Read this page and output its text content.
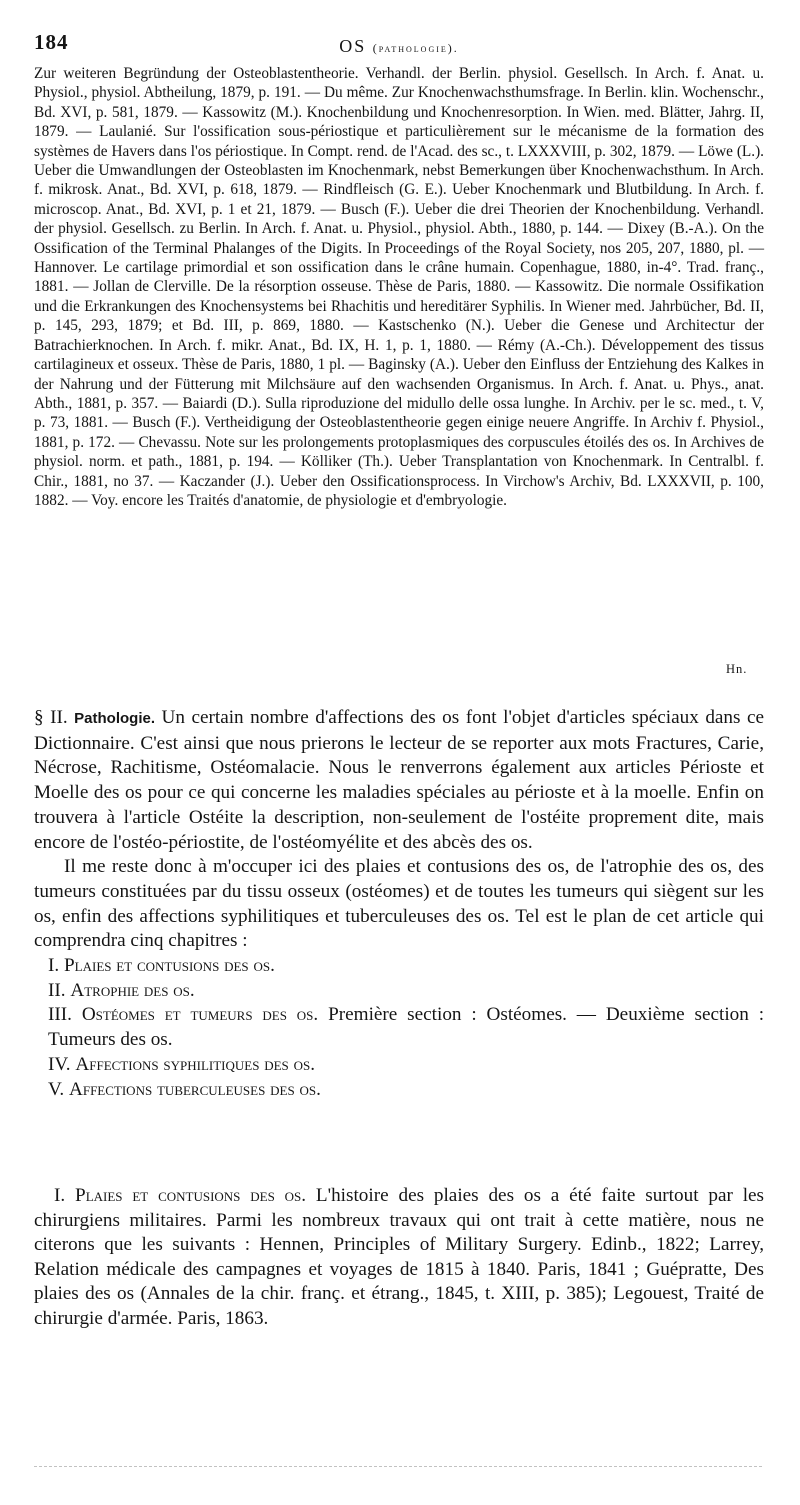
184	OS (pathologie).

Zur weiteren Begründung der Osteoblastentheorie. Verhandl. der Berlin. physiol. Gesellsch. In Arch. f. Anat. u. Physiol., physiol. Abtheilung, 1879, p. 191. — Du même. Zur Knochenwachsthumsfrage. In Berlin. klin. Wochenschr., Bd. XVI, p. 581, 1879. — Kassowitz (M.). Knochenbildung und Knochenresorption. In Wien. med. Blätter, Jahrg. II, 1879. — Laulanié. Sur l'ossification sous-périostique et particulièrement sur le mécanisme de la formation des systèmes de Havers dans l'os périostique. In Compt. rend. de l'Acad. des sc., t. LXXXVIII, p. 302, 1879. — Löwe (L.). Ueber die Umwandlungen der Osteoblasten im Knochenmark, nebst Bemerkungen über Knochenwachsthum. In Arch. f. mikrosk. Anat., Bd. XVI, p. 618, 1879. — Rindfleisch (G. E.). Ueber Knochenmark und Blutbildung. In Arch. f. microscop. Anat., Bd. XVI, p. 1 et 21, 1879. — Busch (F.). Ueber die drei Theorien der Knochenbildung. Verhandl. der physiol. Gesellsch. zu Berlin. In Arch. f. Anat. u. Physiol., physiol. Abth., 1880, p. 144. — Dixey (B.-A.). On the Ossification of the Terminal Phalanges of the Digits. In Proceedings of the Royal Society, nos 205, 207, 1880, pl. — Hannover. Le cartilage primordial et son ossification dans le crâne humain. Copenhague, 1880, in-4°. Trad. franç., 1881. — Jollan de Clerville. De la résorption osseuse. Thèse de Paris, 1880. — Kassowitz. Die normale Ossifikation und die Erkrankungen des Knochensystems bei Rhachitis und hereditärer Syphilis. In Wiener med. Jahrbücher, Bd. II, p. 145, 293, 1879; et Bd. III, p. 869, 1880. — Kastschenko (N.). Ueber die Genese und Architectur der Batrachierknochen. In Arch. f. mikr. Anat., Bd. IX, H. 1, p. 1, 1880. — Rémy (A.-Ch.). Développement des tissus cartilagineux et osseux. Thèse de Paris, 1880, 1 pl. — Baginsky (A.). Ueber den Einfluss der Entziehung des Kalkes in der Nahrung und der Fütterung mit Milchsäure auf den wachsenden Organismus. In Arch. f. Anat. u. Phys., anat. Abth., 1881, p. 357. — Baiardi (D.). Sulla riproduzione del midullo delle ossa lunghe. In Archiv. per le sc. med., t. V, p. 73, 1881. — Busch (F.). Vertheidigung der Osteoblastentheorie gegen einige neuere Angriffe. In Archiv f. Physiol., 1881, p. 172. — Chevassu. Note sur les prolongements protoplasmiques des corpuscules étoilés des os. In Archives de physiol. norm. et path., 1881, p. 194. — Kölliker (Th.). Ueber Transplantation von Knochenmark. In Centralbl. f. Chir., 1881, no 37. — Kaczander (J.). Ueber den Ossificationsprocess. In Virchow's Archiv, Bd. LXXXVII, p. 100, 1882. — Voy. encore les Traités d'anatomie, de physiologie et d'embryologie.

Hn.

§ II. Pathologie. Un certain nombre d'affections des os font l'objet d'articles spéciaux dans ce Dictionnaire. C'est ainsi que nous prierons le lecteur de se reporter aux mots Fractures, Carie, Nécrose, Rachitisme, Ostéomalacie. Nous le renverrons également aux articles Périoste et Moelle des os pour ce qui concerne les maladies spéciales au périoste et à la moelle. Enfin on trouvera à l'article Ostéite la description, non-seulement de l'ostéite proprement dite, mais encore de l'ostéo-périostite, de l'ostéomyélite et des abcès des os.

Il me reste donc à m'occuper ici des plaies et contusions des os, de l'atrophie des os, des tumeurs constituées par du tissu osseux (ostéomes) et de toutes les tumeurs qui siègent sur les os, enfin des affections syphilitiques et tuberculeuses des os. Tel est le plan de cet article qui comprendra cinq chapitres :

I. Plaies et contusions des os.
II. Atrophie des os.
III. Ostéomes et tumeurs des os. Première section : Ostéomes. — Deuxième section : Tumeurs des os.
IV. Affections syphilitiques des os.
V. Affections tuberculeuses des os.

I. Plaies et contusions des os. L'histoire des plaies des os a été faite surtout par les chirurgiens militaires. Parmi les nombreux travaux qui ont trait à cette matière, nous ne citerons que les suivants : Hennen, Principles of Military Surgery. Edinb., 1822; Larrey, Relation médicale des campagnes et voyages de 1815 à 1840. Paris, 1841 ; Guépratte, Des plaies des os (Annales de la chir. franç. et étrang., 1845, t. XIII, p. 385); Legouest, Traité de chirurgie d'armée. Paris, 1863.
